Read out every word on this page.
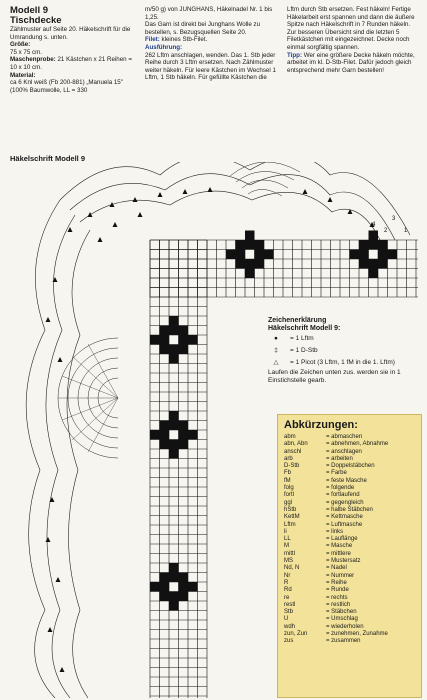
Modell 9
Tischdecke
Zählmuster auf Seite 20. Häkelschrift für die Umrandung s. unten.
Größe:
75 x 75 cm.
Maschenprobe: 21 Kästchen x 21 Reihen = 10 x 10 cm.
Material:
ca 6 Knl weiß (Fb 200-881) „Manuela 15" (100% Baumwolle, LL = 330
m/50 g) von JUNGHANS, Häkelnadel Nr. 1 bis 1,25.
Das Garn ist direkt bei Junghans Wolle zu bestellen, s. Bezugsquellen Seite 20.
Filet: kleines Stb-Filet.
Ausführung:
262 Lftm anschlagen, wenden. Das 1. Stb jeder Reihe durch 3 Lftm ersetzen. Nach Zählmuster weiter häkeln. Für leere Kästchen im Wechsel 1 Lftm, 1 Stb häkeln. Für gefüllte Kästchen die
Lftm durch Stb ersetzen. Fest häkeln! Fertige Häkelarbeit erst spannen und dann die äußere Spitze nach Häkelschrift in 7 Runden häkeln. Zur besseren Übersicht sind die letzten 5 Filetkästchen mit eingezeichnet. Decke noch einmal sorgfältig spannen.
Tipp: Wer eine größere Decke häkeln möchte, arbeitet im kl. D-Stb-Filet. Dafür jedoch gleich entsprechend mehr Garn bestellen!
Häkelschrift Modell 9
1
2
3
4
Zeichenerklärung
Häkelschrift Modell 9:
●	= 1 Lftm
‡	= 1 D-Stb
△	= 1 Picot (3 Lftm, 1 fM in die 1. Lftm)
Laufen die Zeichen unten zus. werden sie in 1 Einstichstelle gearb.
Abkürzungen:
abm	= abmaschen
abn, Abn	= abnehmen, Abnahme
anschl	= anschlagen
arb	= arbeiten
D-Stb	= Doppelstäbchen
Fb	= Farbe
fM	= feste Masche
folg	= folgende
fortl	= fortlaufend
ggl	= gegengleich
hStb	= halbe Stäbchen
KettM	= Kettmasche
Lftm	= Luftmasche
li	= links
LL	= Lauflänge
M	= Masche
mittl	= mittlere
MS	= Mustersatz
Nd, N	= Nadel
Nr	= Nummer
R	= Reihe
Rd	= Runde
re	= rechts
restl	= restlich
Stb	= Stäbchen
U	= Umschlag
wdh	= wiederholen
zun, Zun	= zunehmen, Zunahme
zus	= zusammen
